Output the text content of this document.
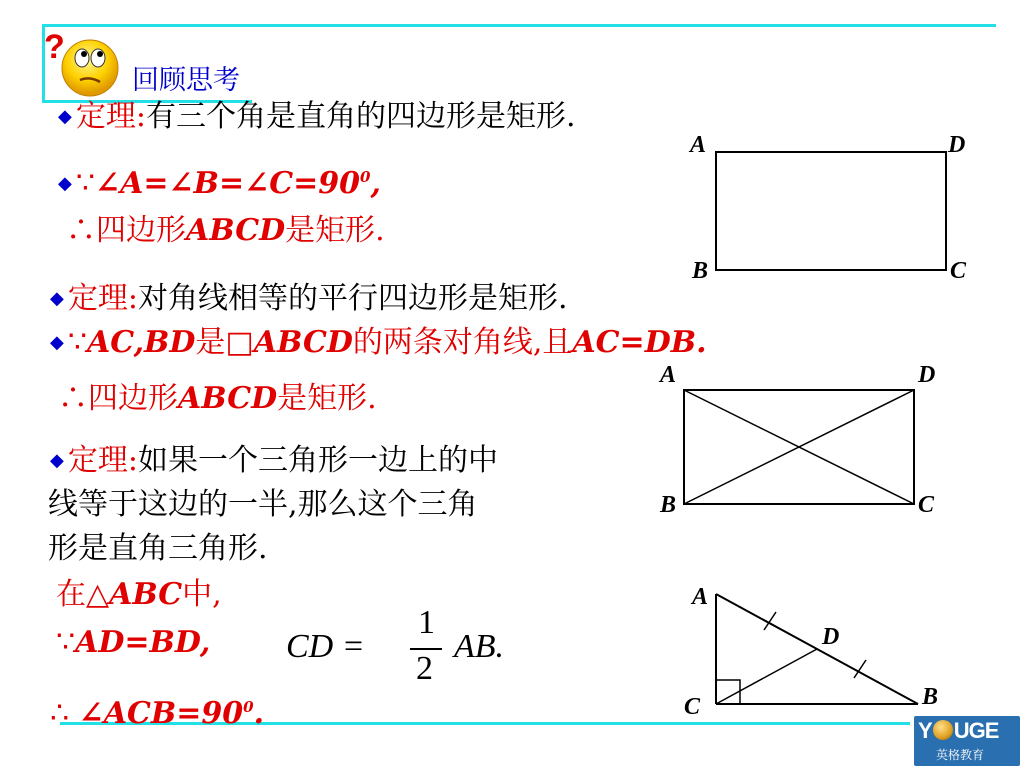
?
回顾思考
◆ 定理:有三个角是直角的四边形是矩形.
◆ $\because\angle A=\angle B=\angle C=90^0$,
∴四边形ABCD是矩形.
A	D
B	C
◆ 定理:对角线相等的平行四边形是矩形.
◆ ∵AC,BD是□ABCD的两条对角线,且AC=DB.
∴四边形ABCD是矩形.
A	D
B	C
◆ 定理:如果一个三角形一边上的中
线等于这边的一半,那么这个三角
形是直角三角形.
在△ABC中,
∵AD=BD, CD =
1
2
AB.
∴ $\angle ACB=90^0$.
A
D
C	B
Y UGE
英格教育
